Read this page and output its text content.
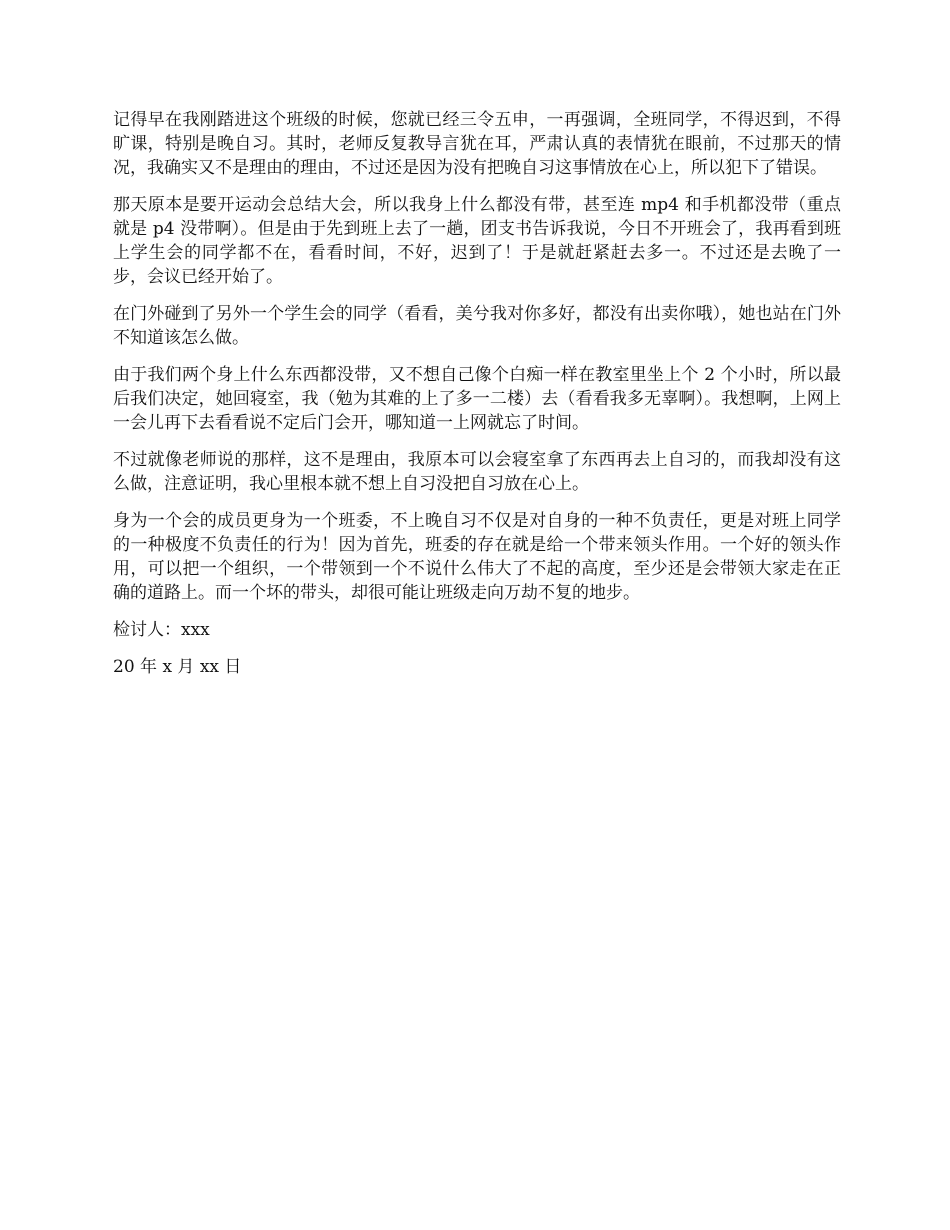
记得早在我刚踏进这个班级的时候，您就已经三令五申，一再强调，全班同学，不得迟到，不得旷课，特别是晚自习。其时，老师反复教导言犹在耳，严肃认真的表情犹在眼前，不过那天的情况，我确实又不是理由的理由，不过还是因为没有把晚自习这事情放在心上，所以犯下了错误。

那天原本是要开运动会总结大会，所以我身上什么都没有带，甚至连 mp4 和手机都没带（重点就是 p4 没带啊）。但是由于先到班上去了一趟，团支书告诉我说，今日不开班会了，我再看到班上学生会的同学都不在，看看时间，不好，迟到了！于是就赶紧赶去多一。不过还是去晚了一步，会议已经开始了。

在门外碰到了另外一个学生会的同学（看看，美兮我对你多好，都没有出卖你哦），她也站在门外不知道该怎么做。

由于我们两个身上什么东西都没带，又不想自己像个白痴一样在教室里坐上个 2 个小时，所以最后我们决定，她回寝室，我（勉为其难的上了多一二楼）去（看看我多无辜啊）。我想啊，上网上一会儿再下去看看说不定后门会开，哪知道一上网就忘了时间。

不过就像老师说的那样，这不是理由，我原本可以会寝室拿了东西再去上自习的，而我却没有这么做，注意证明，我心里根本就不想上自习没把自习放在心上。

身为一个会的成员更身为一个班委，不上晚自习不仅是对自身的一种不负责任，更是对班上同学的一种极度不负责任的行为！因为首先，班委的存在就是给一个带来领头作用。一个好的领头作用，可以把一个组织，一个带领到一个不说什么伟大了不起的高度，至少还是会带领大家走在正确的道路上。而一个坏的带头，却很可能让班级走向万劫不复的地步。

检讨人：xxx

20 年 x 月 xx 日
